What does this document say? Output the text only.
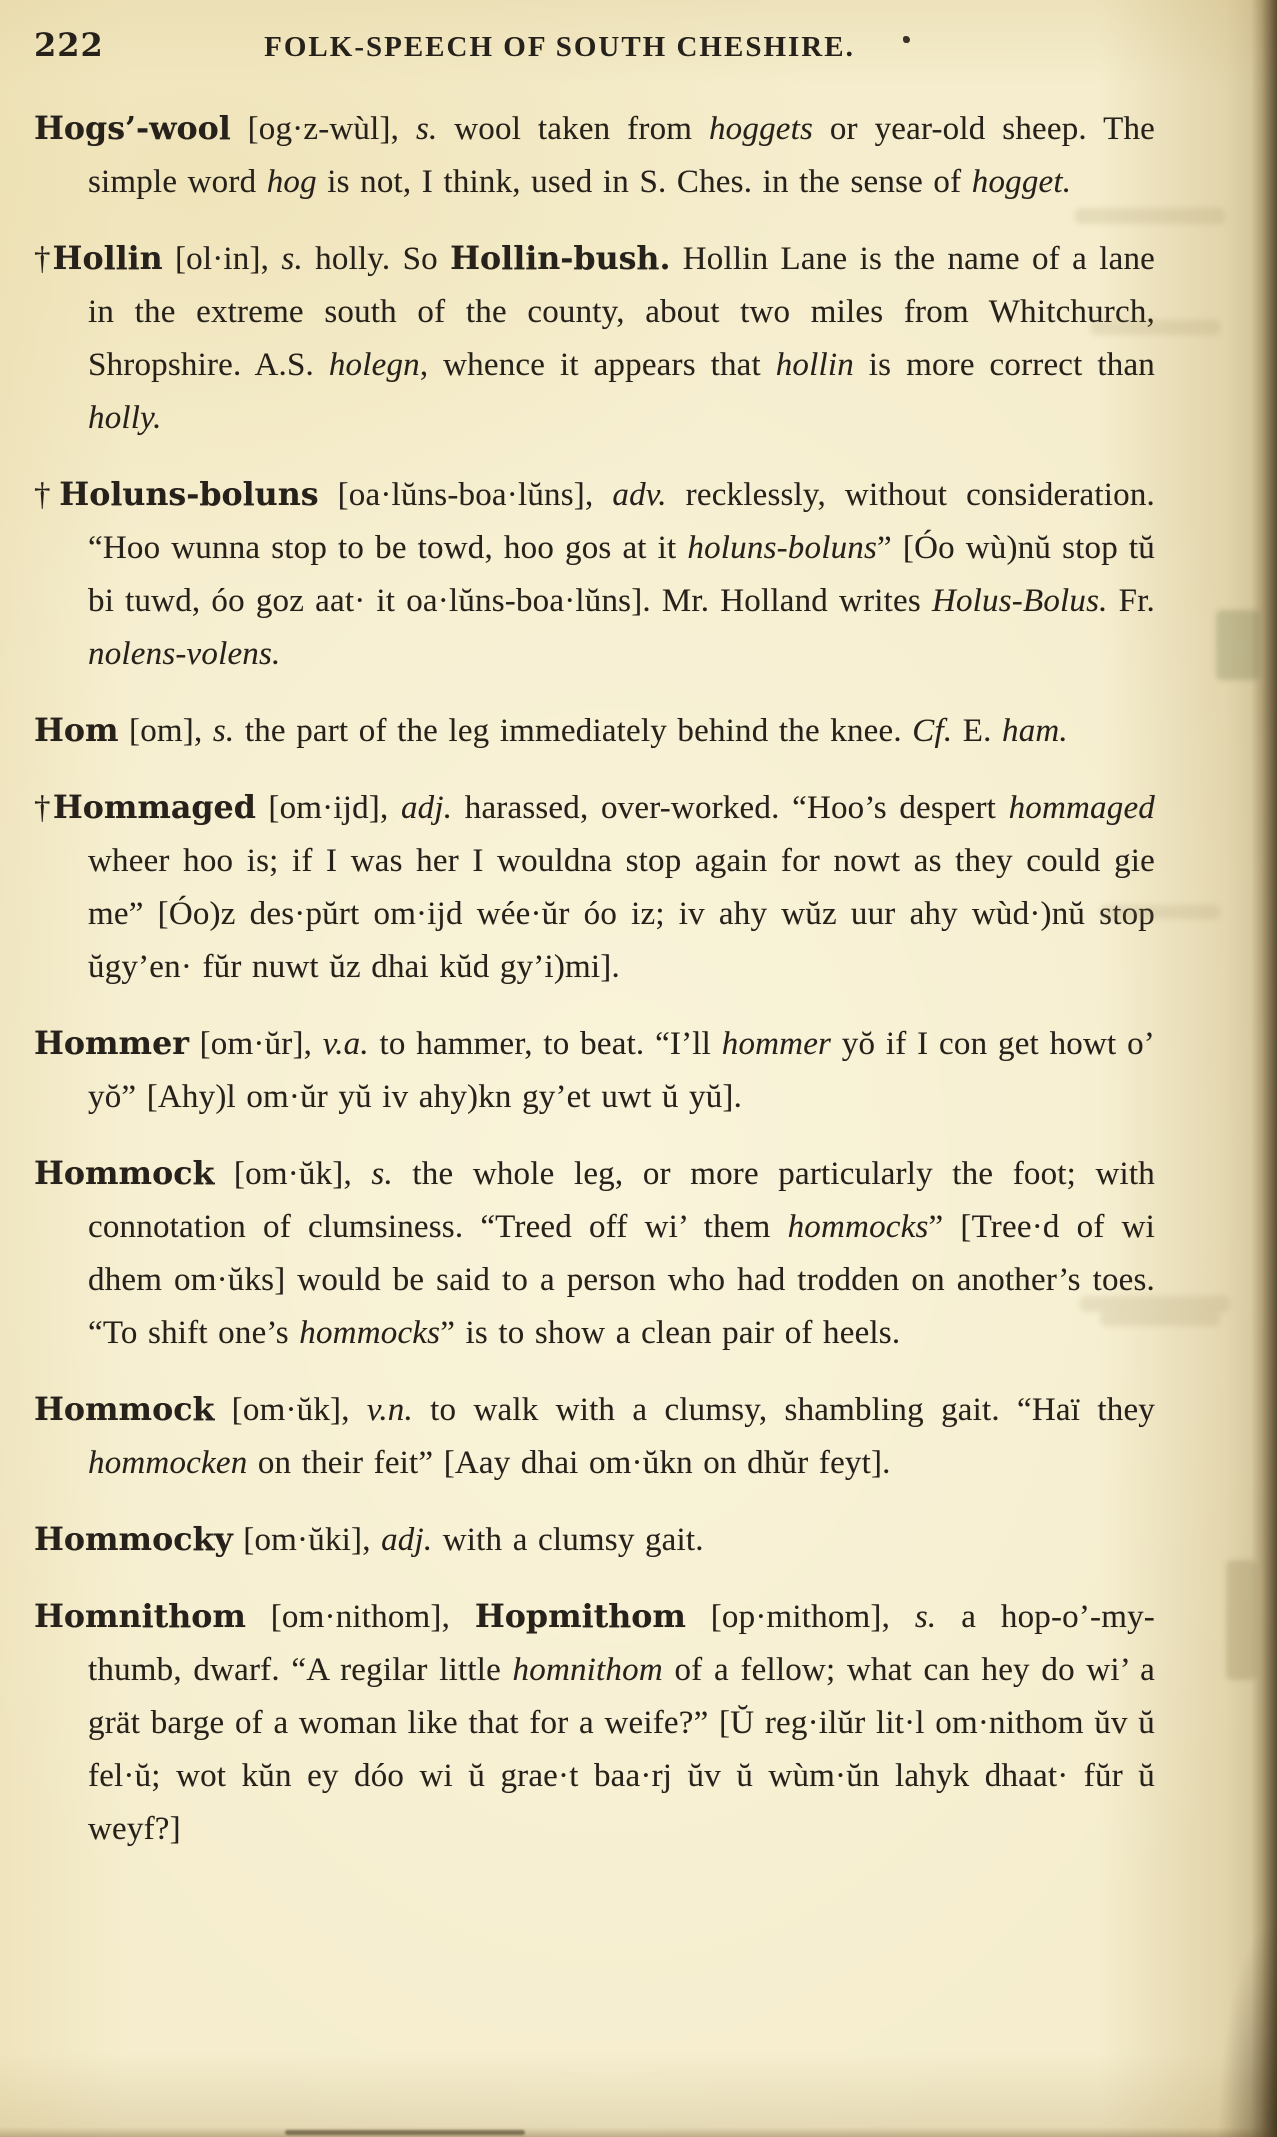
222	FOLK-SPEECH OF SOUTH CHESHIRE.

Hogs’-wool [og·z-wùl], s. wool taken from hoggets or year-old sheep. The simple word hog is not, I think, used in S. Ches. in the sense of hogget.

†Hollin [ol·in], s. holly. So Hollin-bush. Hollin Lane is the name of a lane in the extreme south of the county, about two miles from Whitchurch, Shropshire. A.S. holegn, whence it appears that hollin is more correct than holly.

†Holuns-boluns [oa·lŭns-boa·lŭns], adv. recklessly, without consideration. “Hoo wunna stop to be towd, hoo gos at it holuns-boluns” [Óo wù)nŭ stop tŭ bi tuwd, óo goz aat· it oa·lŭns-boa·lŭns]. Mr. Holland writes Holus-Bolus. Fr. nolens-volens.

Hom [om], s. the part of the leg immediately behind the knee. Cf. E. ham.

†Hommaged [om·ijd], adj. harassed, over-worked. “Hoo’s despert hommaged wheer hoo is; if I was her I wouldna stop again for nowt as they could gie me” [Óo)z des·pŭrt om·ijd wée·ŭr óo iz; iv ahy wŭz uur ahy wùd·)nŭ stop ŭgy’en· fŭr nuwt ŭz dhai kŭd gy’i)mi].

Hommer [om·ŭr], v.a. to hammer, to beat. “I’ll hommer yŏ if I con get howt o’ yŏ” [Ahy)l om·ŭr yŭ iv ahy)kn gy’et uwt ŭ yŭ].

Hommock [om·ŭk], s. the whole leg, or more particularly the foot; with connotation of clumsiness. “Treed off wi’ them hommocks” [Tree·d of wi dhem om·ŭks] would be said to a person who had trodden on another’s toes. “To shift one’s hommocks” is to show a clean pair of heels.

Hommock [om·ŭk], v.n. to walk with a clumsy, shambling gait. “Haï they hommocken on their feit” [Aay dhai om·ŭkn on dhŭr feyt].

Hommocky [om·ŭki], adj. with a clumsy gait.

Homnithom [om·nithom], Hopmithom [op·mithom], s. a hop-o’-my-thumb, dwarf. “A regilar little homnithom of a fellow; what can hey do wi’ a grät barge of a woman like that for a weife?” [Ŭ reg·ilŭr lit·l om·nithom ŭv ŭ fel·ŭ; wot kŭn ey dóo wi ŭ grae·t baa·rj ŭv ŭ wùm·ŭn lahyk dhaat· fŭr ŭ weyf?]
